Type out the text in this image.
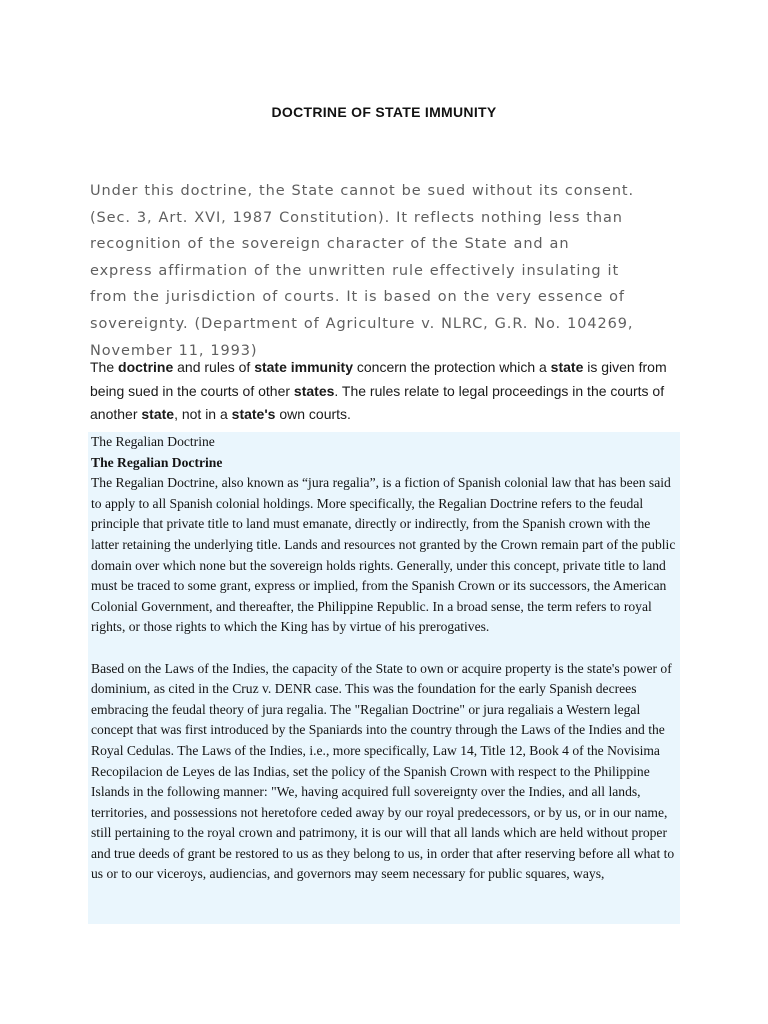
DOCTRINE OF STATE IMMUNITY
Under this doctrine, the State cannot be sued without its consent.
(Sec. 3, Art. XVI, 1987 Constitution). It reflects nothing less than
recognition of the sovereign character of the State and an
express affirmation of the unwritten rule effectively insulating it
from the jurisdiction of courts. It is based on the very essence of
sovereignty. (Department of Agriculture v. NLRC, G.R. No. 104269,
November 11, 1993)
The doctrine and rules of state immunity concern the protection which a state is given from being sued in the courts of other states. The rules relate to legal proceedings in the courts of another state, not in a state's own courts.

The Regalian Doctrine

The Regalian Doctrine

The Regalian Doctrine, also known as “jura regalia”, is a fiction of Spanish colonial law that has been said to apply to all Spanish colonial holdings. More specifically, the Regalian Doctrine refers to the feudal principle that private title to land must emanate, directly or indirectly, from the Spanish crown with the latter retaining the underlying title. Lands and resources not granted by the Crown remain part of the public domain over which none but the sovereign holds rights. Generally, under this concept, private title to land must be traced to some grant, express or implied, from the Spanish Crown or its successors, the American Colonial Government, and thereafter, the Philippine Republic. In a broad sense, the term refers to royal rights, or those rights to which the King has by virtue of his prerogatives.

Based on the Laws of the Indies, the capacity of the State to own or acquire property is the state's power of dominium, as cited in the Cruz v. DENR case. This was the foundation for the early Spanish decrees embracing the feudal theory of jura regalia. The "Regalian Doctrine" or jura regaliais a Western legal concept that was first introduced by the Spaniards into the country through the Laws of the Indies and the Royal Cedulas. The Laws of the Indies, i.e., more specifically, Law 14, Title 12, Book 4 of the Novisima Recopilacion de Leyes de las Indias, set the policy of the Spanish Crown with respect to the Philippine Islands in the following manner: "We, having acquired full sovereignty over the Indies, and all lands, territories, and possessions not heretofore ceded away by our royal predecessors, or by us, or in our name, still pertaining to the royal crown and patrimony, it is our will that all lands which are held without proper and true deeds of grant be restored to us as they belong to us, in order that after reserving before all what to us or to our viceroys, audiencias, and governors may seem necessary for public squares, ways,
